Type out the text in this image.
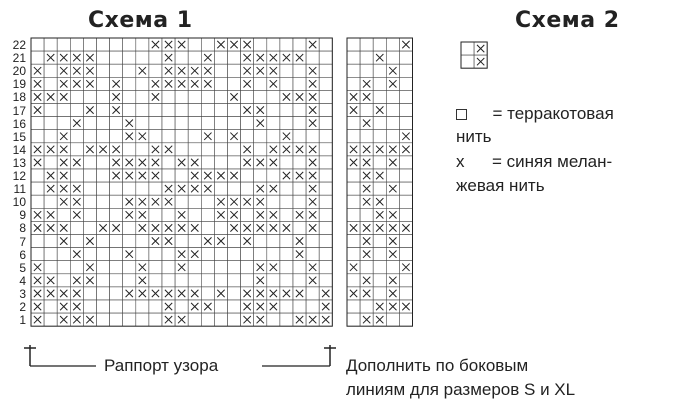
Схема 1	Схема 2
22
21
20
19
18
17
16
15
14
13
12
11
10
9
8
7
6
5
4
3
2
1
= терракотовая
нить
x = синяя мелан-
жевая нить
Раппорт узора	Дополнить по боковым
линиям для размеров S и XL
